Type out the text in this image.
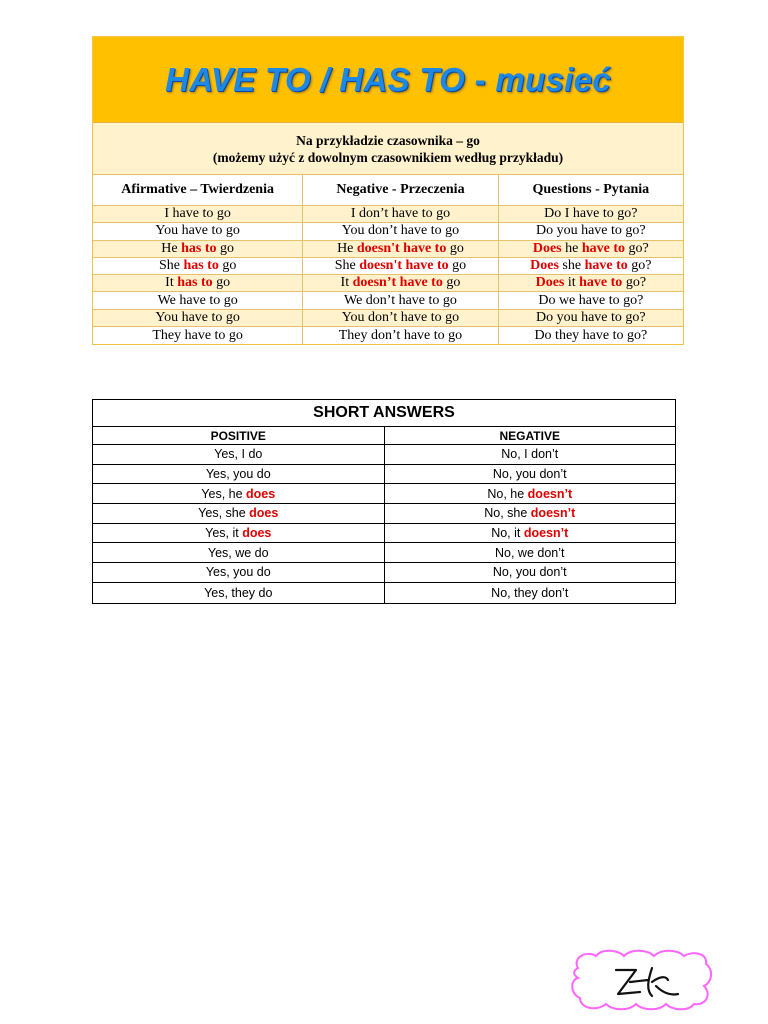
HAVE TO / HAS TO - musieć
Na przykładzie czasownika – go
(możemy użyć z dowolnym czasownikiem według przykładu)
Afirmative – Twierdzenia	Negative - Przeczenia	Questions - Pytania
I have to go	I don’t have to go	Do I have to go?
You have to go	You don’t have to go	Do you have to go?
He has to go	He doesn't have to go	Does he have to go?
She has to go	She doesn't have to go	Does she have to go?
It has to go	It doesn’t have to go	Does it have to go?
We have to go	We don’t have to go	Do we have to go?
You have to go	You don’t have to go	Do you have to go?
They have to go	They don’t have to go	Do they have to go?
SHORT ANSWERS
POSITIVE	NEGATIVE
Yes, I do	No, I don’t
Yes, you do	No, you don’t
Yes, he does	No, he doesn’t
Yes, she does	No, she doesn’t
Yes, it does	No, it doesn’t
Yes, we do	No, we don’t
Yes, you do	No, you don’t
Yes, they do	No, they don’t
